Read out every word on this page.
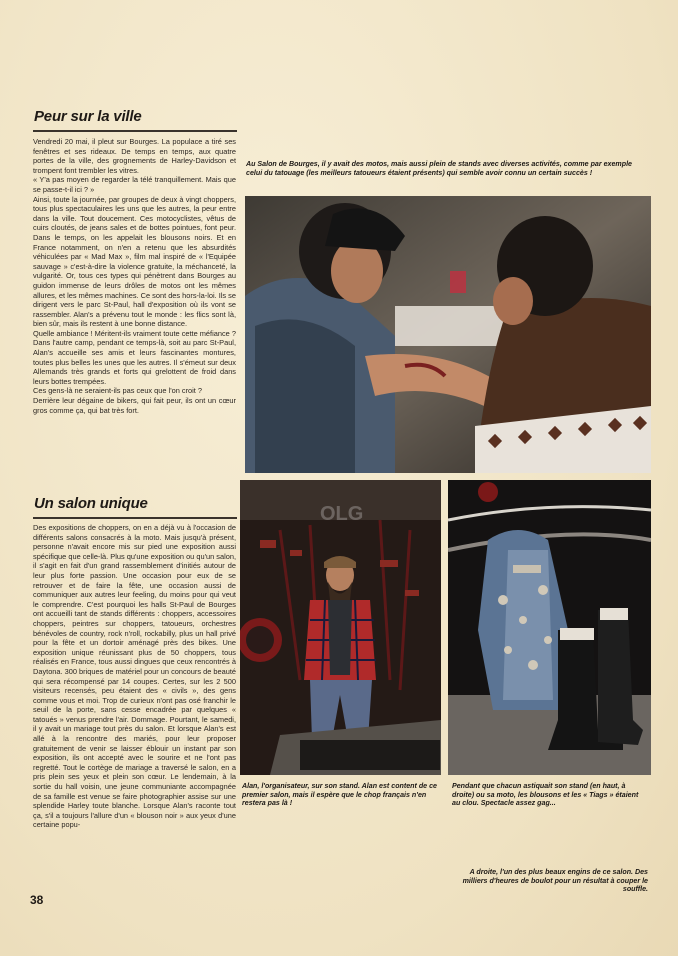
Peur sur la ville

Vendredi 20 mai, il pleut sur Bourges. La populace a tiré ses fenêtres et ses rideaux. De temps en temps, aux quatre portes de la ville, des grognements de Harley-Davidson et trompent font trembler les vitres.

« Y'a pas moyen de regarder la télé tranquillement. Mais que se passe-t-il ici ? »

Ainsi, toute la journée, par groupes de deux à vingt choppers, tous plus spectaculaires les uns que les autres, la peur entre dans la ville. Tout doucement. Ces motocyclistes, vêtus de cuirs cloutés, de jeans sales et de bottes pointues, font peur. Dans le temps, on les appelait les blousons noirs. Et en France notamment, on n'en a retenu que les absurdités véhiculées par « Mad Max », film mal inspiré de « l'Equipée sauvage » c'est-à-dire la violence gratuite, la méchanceté, la vulgarité. Or, tous ces types qui pénètrent dans Bourges au guidon immense de leurs drôles de motos ont les mêmes allures, et les mêmes machines. Ce sont des hors-la-loi. Ils se dirigent vers le parc St-Paul, hall d'exposition où ils vont se rassembler. Alan's a prévenu tout le monde : les flics sont là, bien sûr, mais ils restent à une bonne distance.

Quelle ambiance ! Méritent-ils vraiment toute cette méfiance ?

Dans l'autre camp, pendant ce temps-là, soit au parc St-Paul, Alan's accueille ses amis et leurs fascinantes montures, toutes plus belles les unes que les autres. Il s'émeut sur deux Allemands très grands et forts qui grelottent de froid dans leurs bottes trempées.

Ces gens-là ne seraient-ils pas ceux que l'on croit ?

Derrière leur dégaine de bikers, qui fait peur, ils ont un cœur gros comme ça, qui bat très fort.

Un salon unique

Des expositions de choppers, on en a déjà vu à l'occasion de différents salons consacrés à la moto. Mais jusqu'à présent, personne n'avait encore mis sur pied une exposition aussi spécifique que celle-là. Plus qu'une exposition ou qu'un salon, il s'agit en fait d'un grand rassemblement d'initiés autour de leur plus forte passion. Une occasion pour eux de se retrouver et de faire la fête, une occasion aussi de communiquer aux autres leur feeling, du moins pour qui veut le comprendre. C'est pourquoi les halls St-Paul de Bourges ont accueilli tant de stands différents : choppers, accessoires choppers, peintres sur choppers, tatoueurs, orchestres bénévoles de country, rock n'roll, rockabilly, plus un hall privé pour la fête et un dortoir aménagé près des bikes. Une exposition unique réunissant plus de 50 choppers, tous réalisés en France, tous aussi dingues que ceux rencontrés à Daytona. 300 briques de matériel pour un concours de beauté qui sera récompensé par 14 coupes. Certes, sur les 2 500 visiteurs recensés, peu étaient des « civils », des gens comme vous et moi. Trop de curieux n'ont pas osé franchir le seuil de la porte, sans cesse encadrée par quelques « tatoués » venus prendre l'air. Dommage. Pourtant, le samedi, il y avait un mariage tout près du salon. Et lorsque Alan's est allé à la rencontre des mariés, pour leur proposer gratuitement de venir se laisser éblouir un instant par son exposition, ils ont accepté avec le sourire et ne l'ont pas regretté. Tout le cortège de mariage a traversé le salon, en a pris plein ses yeux et plein son cœur. Le lendemain, à la sortie du hall voisin, une jeune communiante accompagnée de sa famille est venue se faire photographier assise sur une splendide Harley toute blanche. Lorsque Alan's raconte tout ça, s'il a toujours l'allure d'un « blouson noir » aux yeux d'une certaine popu-

38
Au Salon de Bourges, il y avait des motos, mais aussi plein de stands avec diverses activités, comme par exemple celui du tatouage (les meilleurs tatoueurs étaient présents) qui semble avoir connu un certain succès !
OLG
Alan, l'organisateur, sur son stand. Alan est content de ce premier salon, mais il espère que le chop français n'en restera pas là !
Pendant que chacun astiquait son stand (en haut, à droite) ou sa moto, les blousons et les « Tiags » étaient au clou. Spectacle assez gag...
A droite, l'un des plus beaux engins de ce salon. Des milliers d'heures de boulot pour un résultat à couper le souffle.
